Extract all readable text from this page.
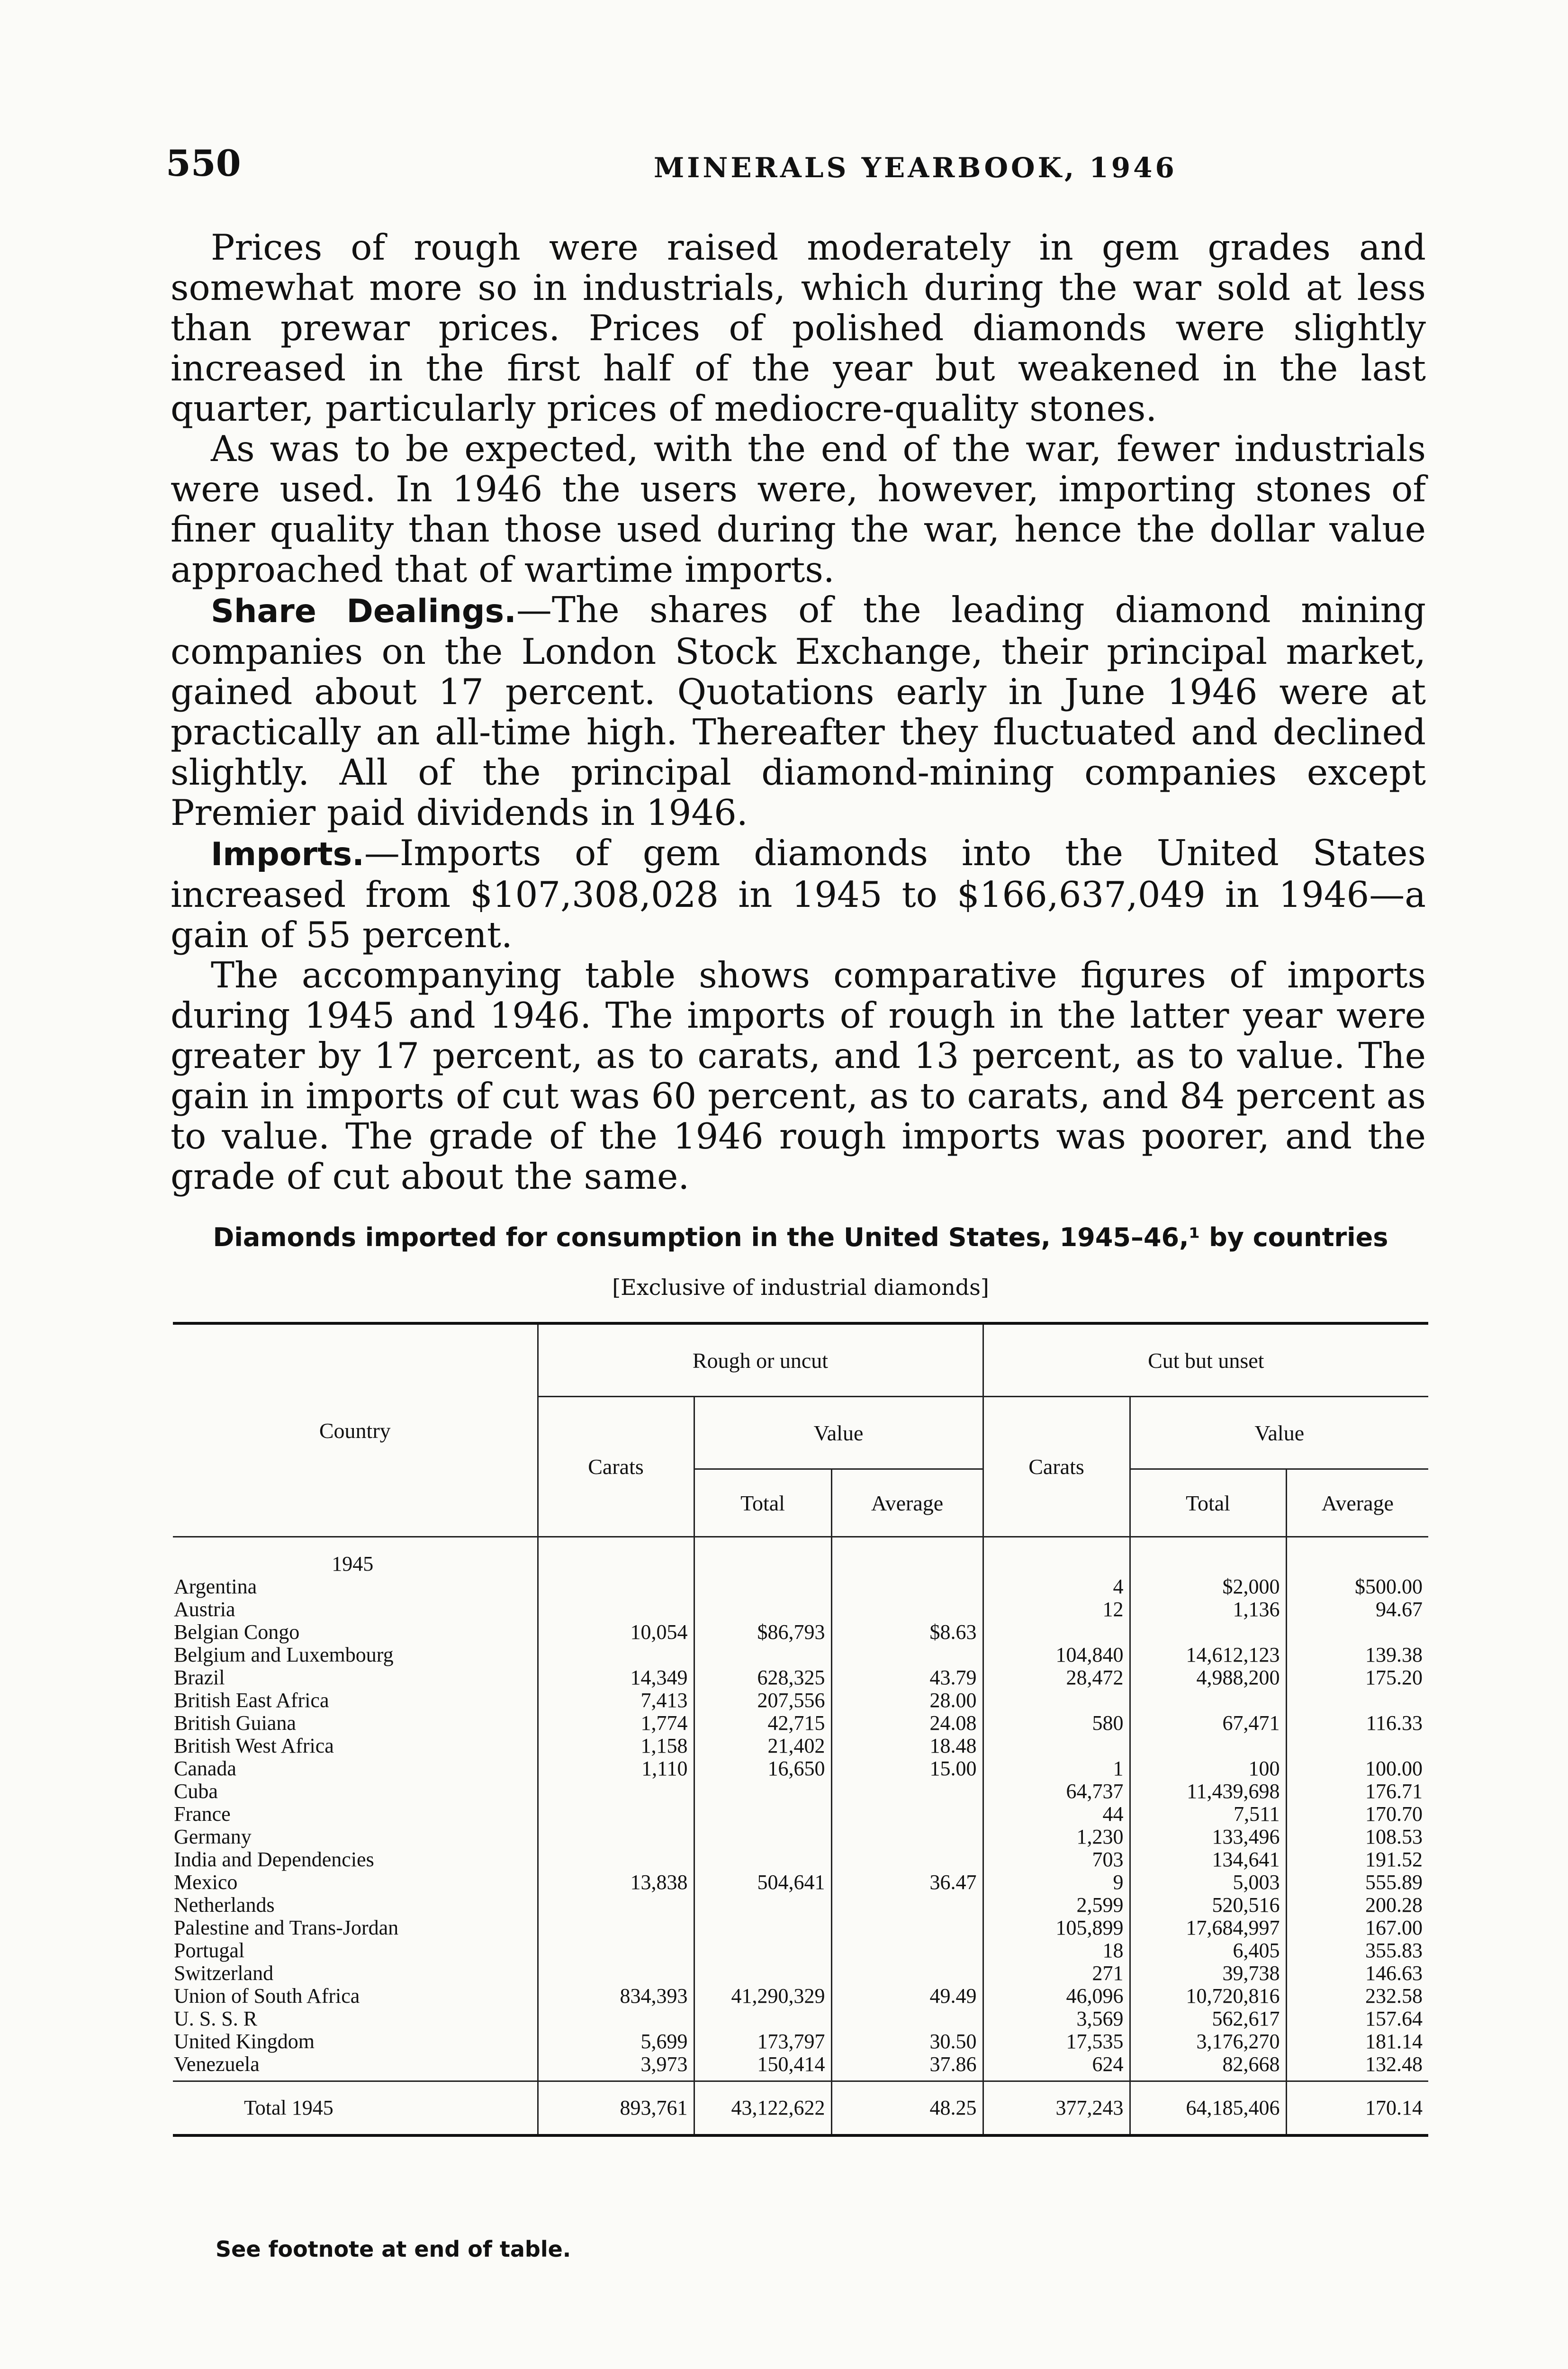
550	MINERALS YEARBOOK, 1946

Prices of rough were raised moderately in gem grades and somewhat more so in industrials, which during the war sold at less than prewar prices. Prices of polished diamonds were slightly increased in the first half of the year but weakened in the last quarter, particularly prices of mediocre-quality stones.

As was to be expected, with the end of the war, fewer industrials were used. In 1946 the users were, however, importing stones of finer quality than those used during the war, hence the dollar value approached that of wartime imports.

Share Dealings.—The shares of the leading diamond mining companies on the London Stock Exchange, their principal market, gained about 17 percent. Quotations early in June 1946 were at practically an all-time high. Thereafter they fluctuated and declined slightly. All of the principal diamond-mining companies except Premier paid dividends in 1946.

Imports.—Imports of gem diamonds into the United States increased from $107,308,028 in 1945 to $166,637,049 in 1946—a gain of 55 percent.

The accompanying table shows comparative figures of imports during 1945 and 1946. The imports of rough in the latter year were greater by 17 percent, as to carats, and 13 percent, as to value. The gain in imports of cut was 60 percent, as to carats, and 84 percent as to value. The grade of the 1946 rough imports was poorer, and the grade of cut about the same.

Diamonds imported for consumption in the United States, 1945–46,¹ by countries
[Exclusive of industrial diamonds]
Country	Rough or uncut			Cut but unset		
	Carats	Value		Carats	Value	
		Total	Average		Total	Average
1945						
Argentina				4	$2,000	$500.00
Austria				12	1,136	94.67
Belgian Congo	10,054	$86,793	$8.63			
Belgium and Luxembourg				104,840	14,612,123	139.38
Brazil	14,349	628,325	43.79	28,472	4,988,200	175.20
British East Africa	7,413	207,556	28.00			
British Guiana	1,774	42,715	24.08	580	67,471	116.33
British West Africa	1,158	21,402	18.48			
Canada	1,110	16,650	15.00	1	100	100.00
Cuba				64,737	11,439,698	176.71
France				44	7,511	170.70
Germany				1,230	133,496	108.53
India and Dependencies				703	134,641	191.52
Mexico	13,838	504,641	36.47	9	5,003	555.89
Netherlands				2,599	520,516	200.28
Palestine and Trans-Jordan				105,899	17,684,997	167.00
Portugal				18	6,405	355.83
Switzerland				271	39,738	146.63
Union of South Africa	834,393	41,290,329	49.49	46,096	10,720,816	232.58
U. S. S. R				3,569	562,617	157.64
United Kingdom	5,699	173,797	30.50	17,535	3,176,270	181.14
Venezuela	3,973	150,414	37.86	624	82,668	132.48

Total 1945	893,761	43,122,622	48.25	377,243	64,185,406	170.14
See footnote at end of table.
